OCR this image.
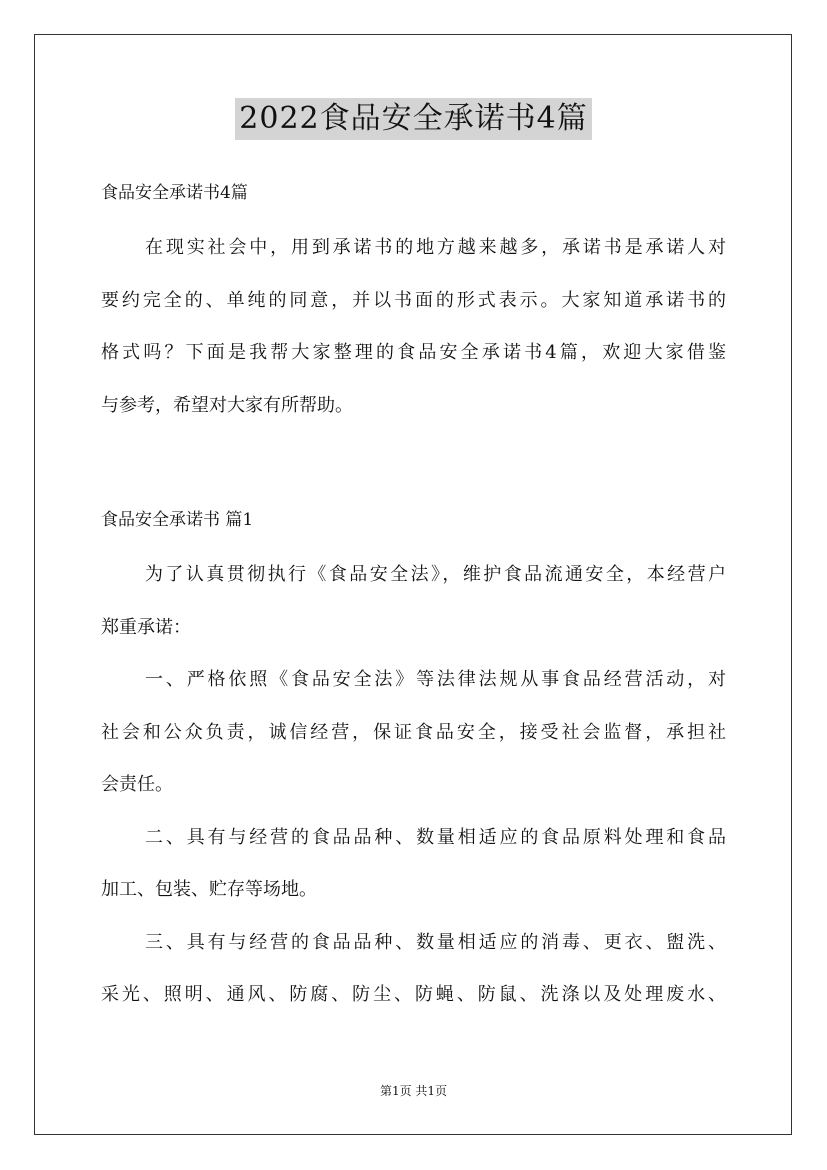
2022食品安全承诺书4篇
食品安全承诺书4篇
在现实社会中，用到承诺书的地方越来越多，承诺书是承诺人对
要约完全的、单纯的同意，并以书面的形式表示。大家知道承诺书的
格式吗？下面是我帮大家整理的食品安全承诺书4篇，欢迎大家借鉴
与参考，希望对大家有所帮助。
食品安全承诺书 篇1
为了认真贯彻执行《食品安全法》，维护食品流通安全，本经营户
郑重承诺：
一、严格依照《食品安全法》等法律法规从事食品经营活动，对
社会和公众负责，诚信经营，保证食品安全，接受社会监督，承担社
会责任。
二、具有与经营的食品品种、数量相适应的食品原料处理和食品
加工、包装、贮存等场地。
三、具有与经营的食品品种、数量相适应的消毒、更衣、盥洗、
采光、照明、通风、防腐、防尘、防蝇、防鼠、洗涤以及处理废水、
第1页 共1页
